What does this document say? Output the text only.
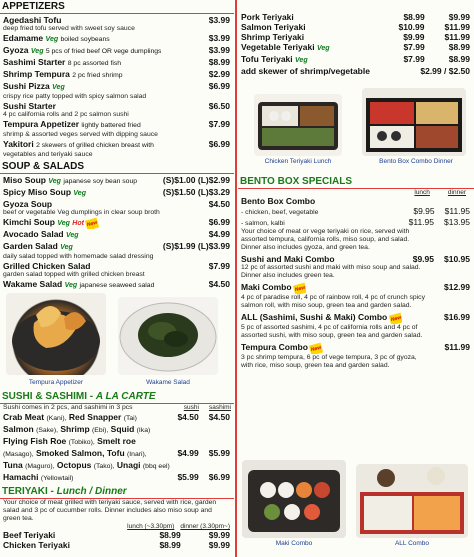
APPETIZERS
Agedashi Tofu	$3.99
deep fried tofu served with sweet soy sauce
Edamame Veg boiled soybeans	$3.99
Gyoza Veg 5 pcs of fried beef OR vege dumplings	$3.99
Sashimi Starter 8 pc assorted fish	$8.99
Shrimp Tempura 2 pc fried shrimp	$2.99
Sushi Pizza Veg	$6.99
crispy rice patty topped with spicy salmon salad
Sushi Starter	$6.50
4 pc california rolls and 2 pc salmon sushi
Tempura Appetizer lightly battered fried	$7.99
shrimp & assorted veges served with dipping sauce
Yakitori 2 skewers of grilled chicken breast with	$6.99
vegetables and teriyaki sauce
SOUP & SALADS
Miso Soup Veg japanese soy bean soup	(S)$1.00 (L)$2.99
Spicy Miso Soup Veg	(S)$1.50 (L)$3.29
Gyoza Soup	$4.50
beef or vegetable Veg dumplings in clear soup broth
Kimchi Soup Veg Hot New	$6.99
Avocado Salad Veg	$4.99
Garden Salad Veg	(S)$1.99 (L)$3.99
daily salad topped with homemade salad dressing
Grilled Chicken Salad	$7.99
garden salad topped with grilled chicken breast
Wakame Salad Veg japanese seaweed salad	$4.50
Tempura Appetizer	Wakame Salad
SUSHI & SASHIMI - A LA CARTE
Sushi comes in 2 pcs, and sashimi in 3 pcs	sushi sashimi
Crab Meat (Kani), Red Snapper (Tai)	$4.50 $4.50
Salmon (Sake), Shrimp (Ebi), Squid (Ika)
Flying Fish Roe (Tobiko), Smelt roe
(Masago), Smoked Salmon, Tofu (Inari),	$4.99 $5.99
Tuna (Maguro), Octopus (Tako), Unagi (bbq eel)
Hamachi (Yellowtail)	$5.99 $6.99
TERIYAKI - Lunch / Dinner
Your choice of meat grilled with teriyaki sauce, served with rice, garden salad and 3 pc of cucumber rolls. Dinner includes also miso soup and green tea.
lunch (~3.30pm) dinner (3.30pm~)
Beef Teriyaki	$8.99	$9.99
Chicken Teriyaki	$8.99	$9.99
Pork Teriyaki	$8.99	$9.99
Salmon Teriyaki	$10.99 $11.99
Shrimp Teriyaki	$9.99 $11.99
Vegetable Teriyaki Veg	$7.99	$8.99
Tofu Teriyaki Veg	$7.99	$8.99
add skewer of shrimp/vegetable	$2.99 / $2.50
Chicken Teriyaki Lunch	Bento Box Combo Dinner
BENTO BOX SPECIALS
lunch	dinner
Bento Box Combo
- chicken, beef, vegetable	$9.95 $11.95
- salmon, kalbi	$11.95 $13.95
Your choice of meat or vege teriyaki on rice, served with assorted tempura, california rolls, miso soup, and salad. Dinner also includes gyoza, and green tea.
Sushi and Maki Combo	$9.95 $10.95
12 pc of assorted sushi and maki with miso soup and salad. Dinner also includes green tea.
Maki Combo New	$12.99
4 pc of paradise roll, 4 pc of rainbow roll, 4 pc of crunch spicy salmon roll, with miso soup, green tea and garden salad.
ALL (Sashimi, Sushi & Maki) Combo New	$16.99
5 pc of assorted sashimi, 4 pc of california rolls and 4 pc of assorted sushi, with miso soup, green tea and garden salad.
Tempura Combo New	$11.99
3 pc shrimp tempura, 6 pc of vege tempura, 3 pc of gyoza, with rice, miso soup, green tea and garden salad.
Maki Combo	ALL Combo
